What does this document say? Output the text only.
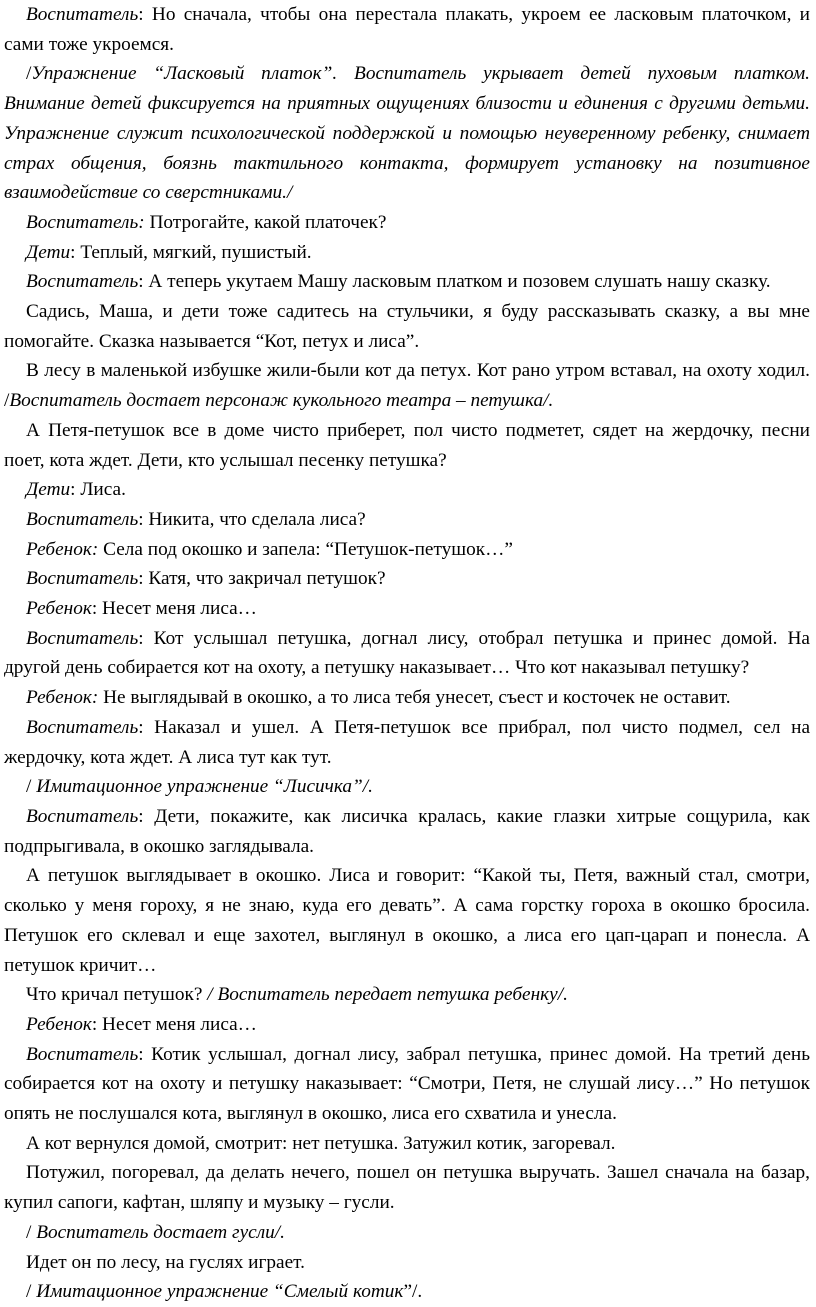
Воспитатель: Но сначала, чтобы она перестала плакать, укроем ее ласковым платочком, и сами тоже укроемся.

/Упражнение “Ласковый платок”. Воспитатель укрывает детей пуховым платком. Внимание детей фиксируется на приятных ощущениях близости и единения с другими детьми. Упражнение служит психологической поддержкой и помощью неуверенному ребенку, снимает страх общения, боязнь тактильного контакта, формирует установку на позитивное взаимодействие со сверстниками./

Воспитатель: Потрогайте, какой платочек?

Дети: Теплый, мягкий, пушистый.

Воспитатель: А теперь укутаем Машу ласковым платком и позовем слушать нашу сказку.

Садись, Маша, и дети тоже садитесь на стульчики, я буду рассказывать сказку, а вы мне помогайте. Сказка называется “Кот, петух и лиса”.

В лесу в маленькой избушке жили-были кот да петух. Кот рано утром вставал, на охоту ходил. /Воспитатель достает персонаж кукольного театра – петушка/.

А Петя-петушок все в доме чисто приберет, пол чисто подметет, сядет на жердочку, песни поет, кота ждет. Дети, кто услышал песенку петушка?

Дети: Лиса.

Воспитатель: Никита, что сделала лиса?

Ребенок: Села под окошко и запела: “Петушок-петушок…”

Воспитатель: Катя, что закричал петушок?

Ребенок: Несет меня лиса…

Воспитатель: Кот услышал петушка, догнал лису, отобрал петушка и принес домой. На другой день собирается кот на охоту, а петушку наказывает… Что кот наказывал петушку?

Ребенок: Не выглядывай в окошко, а то лиса тебя унесет, съест и косточек не оставит.

Воспитатель: Наказал и ушел. А Петя-петушок все прибрал, пол чисто подмел, сел на жердочку, кота ждет. А лиса тут как тут.

/ Имитационное упражнение “Лисичка”/.

Воспитатель: Дети, покажите, как лисичка кралась, какие глазки хитрые сощурила, как подпрыгивала, в окошко заглядывала.

А петушок выглядывает в окошко. Лиса и говорит: “Какой ты, Петя, важный стал, смотри, сколько у меня гороху, я не знаю, куда его девать”. А сама горстку гороха в окошко бросила. Петушок его склевал и еще захотел, выглянул в окошко, а лиса его цап-царап и понесла. А петушок кричит…

Что кричал петушок? / Воспитатель передает петушка ребенку/.

Ребенок: Несет меня лиса…

Воспитатель: Котик услышал, догнал лису, забрал петушка, принес домой. На третий день собирается кот на охоту и петушку наказывает: “Смотри, Петя, не слушай лису…” Но петушок опять не послушался кота, выглянул в окошко, лиса его схватила и унесла.

А кот вернулся домой, смотрит: нет петушка. Затужил котик, загоревал.

Потужил, погоревал, да делать нечего, пошел он петушка выручать. Зашел сначала на базар, купил сапоги, кафтан, шляпу и музыку – гусли.

/ Воспитатель достает гусли/.

Идет он по лесу, на гуслях играет.

/ Имитационное упражнение “Смелый котик”/.
